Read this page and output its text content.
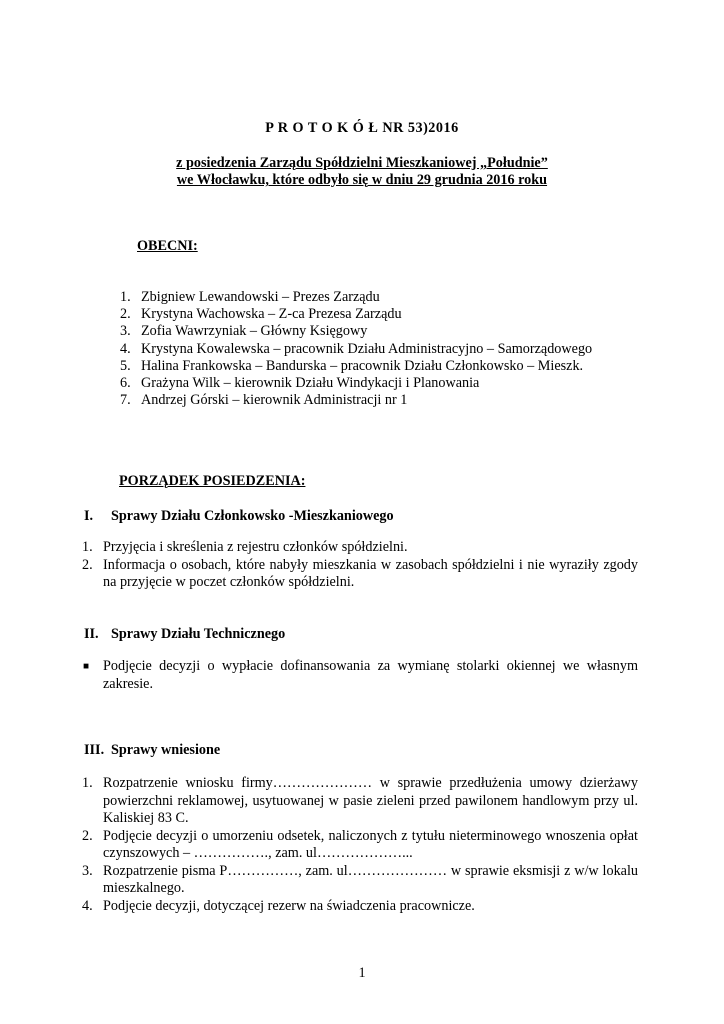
P R O T O K Ó Ł NR 53)2016
z posiedzenia Zarządu Spółdzielni Mieszkaniowej „Południe”
we Włocławku, które odbyło się w dniu 29 grudnia 2016 roku
OBECNI:
1. Zbigniew Lewandowski – Prezes Zarządu
2. Krystyna Wachowska – Z-ca Prezesa Zarządu
3. Zofia Wawrzyniak – Główny Księgowy
4. Krystyna Kowalewska – pracownik Działu Administracyjno – Samorządowego
5. Halina Frankowska – Bandurska – pracownik Działu Członkowsko – Mieszk.
6. Grażyna Wilk – kierownik Działu Windykacji i Planowania
7. Andrzej Górski – kierownik Administracji nr 1
PORZĄDEK POSIEDZENIA:
I. Sprawy Działu Członkowsko -Mieszkaniowego
1. Przyjęcia i skreślenia z rejestru członków spółdzielni.
2. Informacja o osobach, które nabyły mieszkania w zasobach spółdzielni i nie wyraziły zgody na przyjęcie w poczet członków spółdzielni.
II. Sprawy Działu Technicznego
■ Podjęcie decyzji o wypłacie dofinansowania za wymianę stolarki okiennej we własnym zakresie.
III. Sprawy wniesione
1. Rozpatrzenie wniosku firmy………………… w sprawie przedłużenia umowy dzierżawy powierzchni reklamowej, usytuowanej w pasie zieleni przed pawilonem handlowym przy ul. Kaliskiej 83 C.
2. Podjęcie decyzji o umorzeniu odsetek, naliczonych z tytułu nieterminowego wnoszenia opłat czynszowych – ……………., zam. ul………………...
3. Rozpatrzenie pisma P……………, zam. ul………………… w sprawie eksmisji z w/w lokalu mieszkalnego.
4. Podjęcie decyzji, dotyczącej rezerw na świadczenia pracownicze.
1
